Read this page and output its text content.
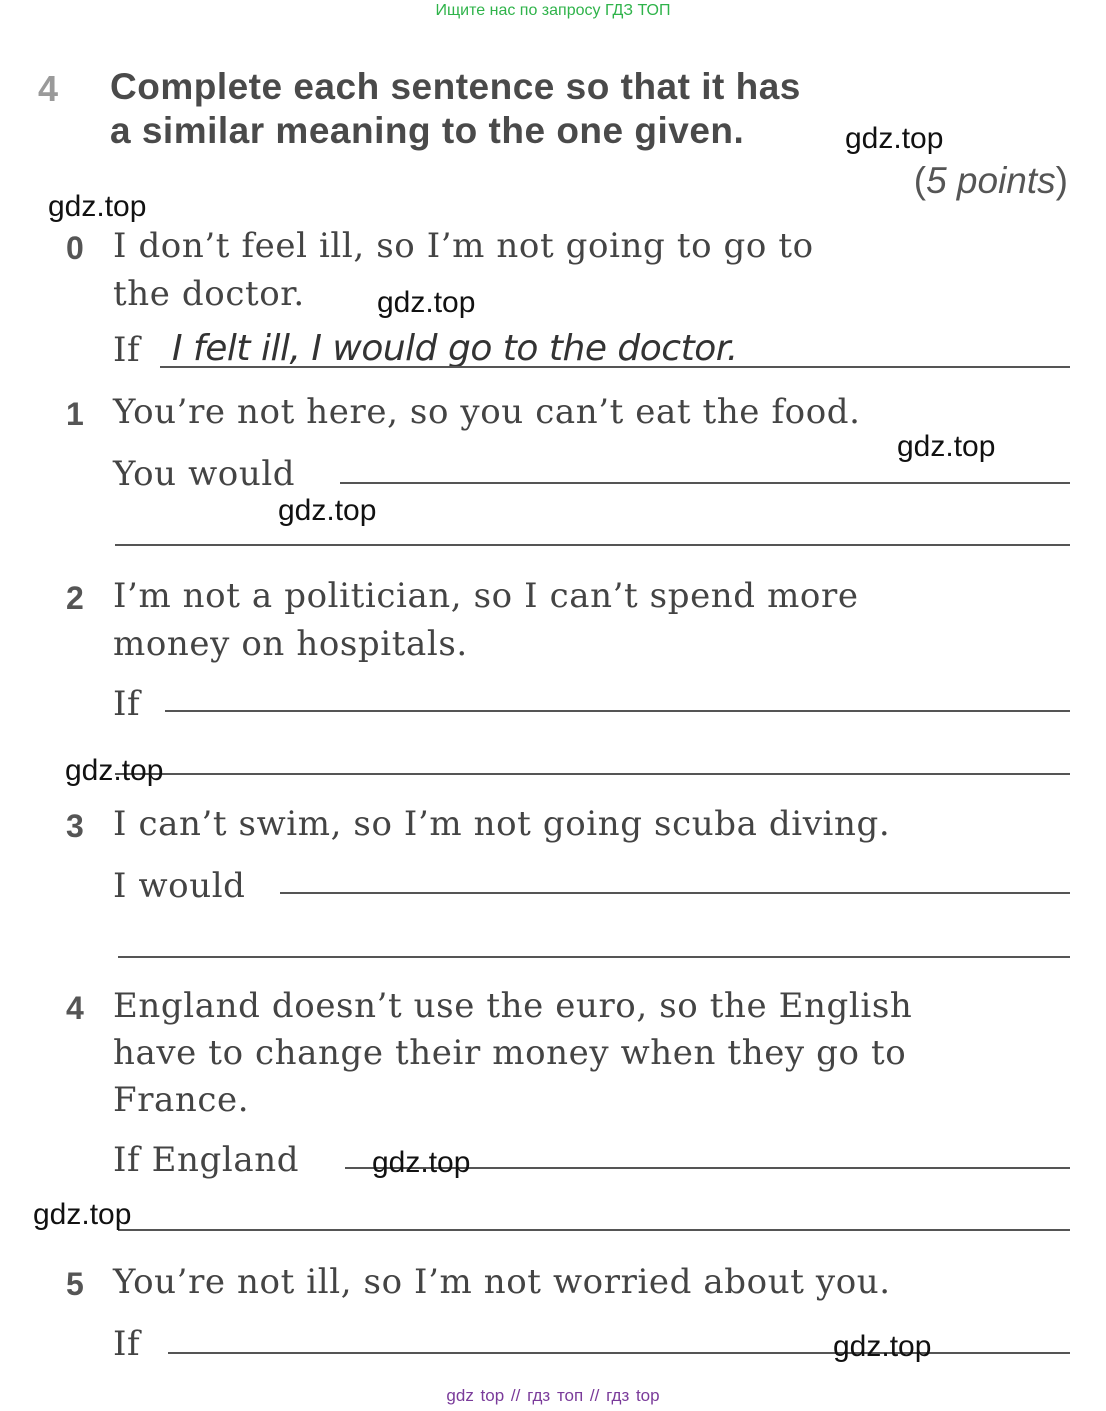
Ищите нас по запросу ГДЗ ТОП
4 Complete each sentence so that it has
a similar meaning to the one given.
(5 points)
0 I don’t feel ill, so I’m not going to go to
the doctor.
If I felt ill, I would go to the doctor.
1 You’re not here, so you can’t eat the food.
You would
2 I’m not a politician, so I can’t spend more
money on hospitals.
If
3 I can’t swim, so I’m not going scuba diving.
I would
4 England doesn’t use the euro, so the English
have to change their money when they go to
France.
If England
5 You’re not ill, so I’m not worried about you.
If
gdz.top
gdz.top
gdz.top
gdz.top
gdz.top
gdz.top
gdz.top
gdz.top
gdz.top
gdz top // гдз топ // гдз top
